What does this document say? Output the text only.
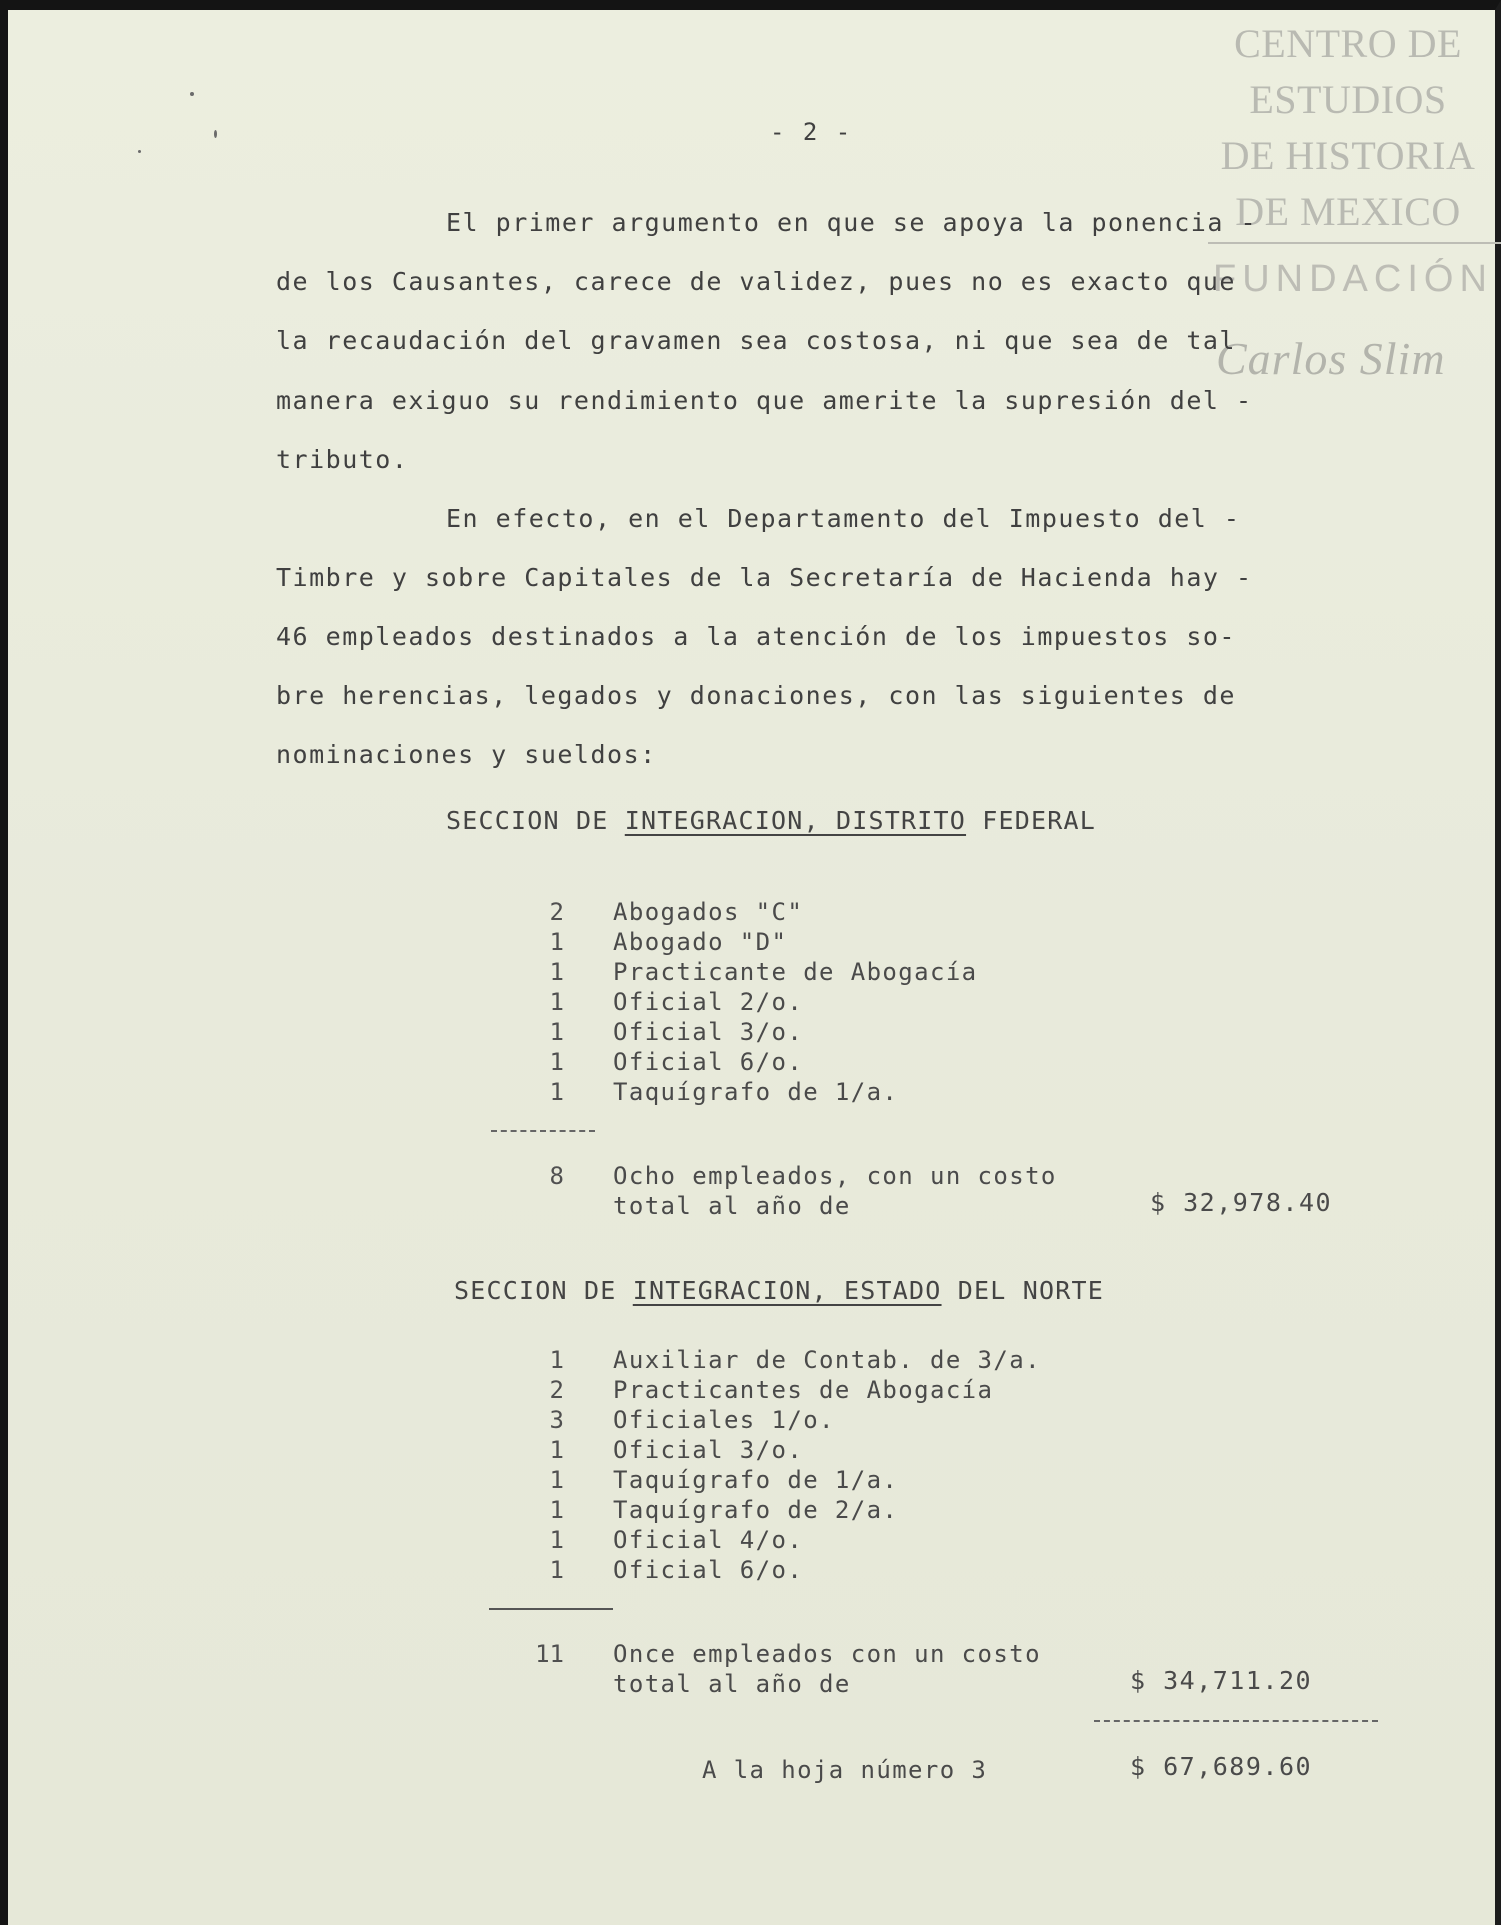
CENTRO DE
ESTUDIOS
DE HISTORIA
DE MEXICO
FUNDACIÓN
Carlos Slim
- 2 -
El primer argumento en que se apoya la ponencia -
de los Causantes, carece de validez, pues no es exacto que
la recaudación del gravamen sea costosa, ni que sea de tal
manera exiguo su rendimiento que amerite la supresión del -
tributo.
En efecto, en el Departamento del Impuesto del -
Timbre y sobre Capitales de la Secretaría de Hacienda hay -
46 empleados destinados a la atención de los impuestos so-
bre herencias, legados y donaciones, con las siguientes de
nominaciones y sueldos:
SECCION DE INTEGRACION, DISTRITO FEDERAL
2 Abogados "C"
1 Abogado "D"
1 Practicante de Abogacía
1 Oficial 2/o.
1 Oficial 3/o.
1 Oficial 6/o.
1 Taquígrafo de 1/a.
8 Ocho empleados, con un costo
total al año de	$ 32,978.40
SECCION DE INTEGRACION, ESTADO DEL NORTE
1 Auxiliar de Contab. de 3/a.
2 Practicantes de Abogacía
3 Oficiales 1/o.
1 Oficial 3/o.
1 Taquígrafo de 1/a.
1 Taquígrafo de 2/a.
1 Oficial 4/o.
1 Oficial 6/o.
11 Once empleados con un costo
total al año de	$ 34,711.20
A la hoja número 3	$ 67,689.60
